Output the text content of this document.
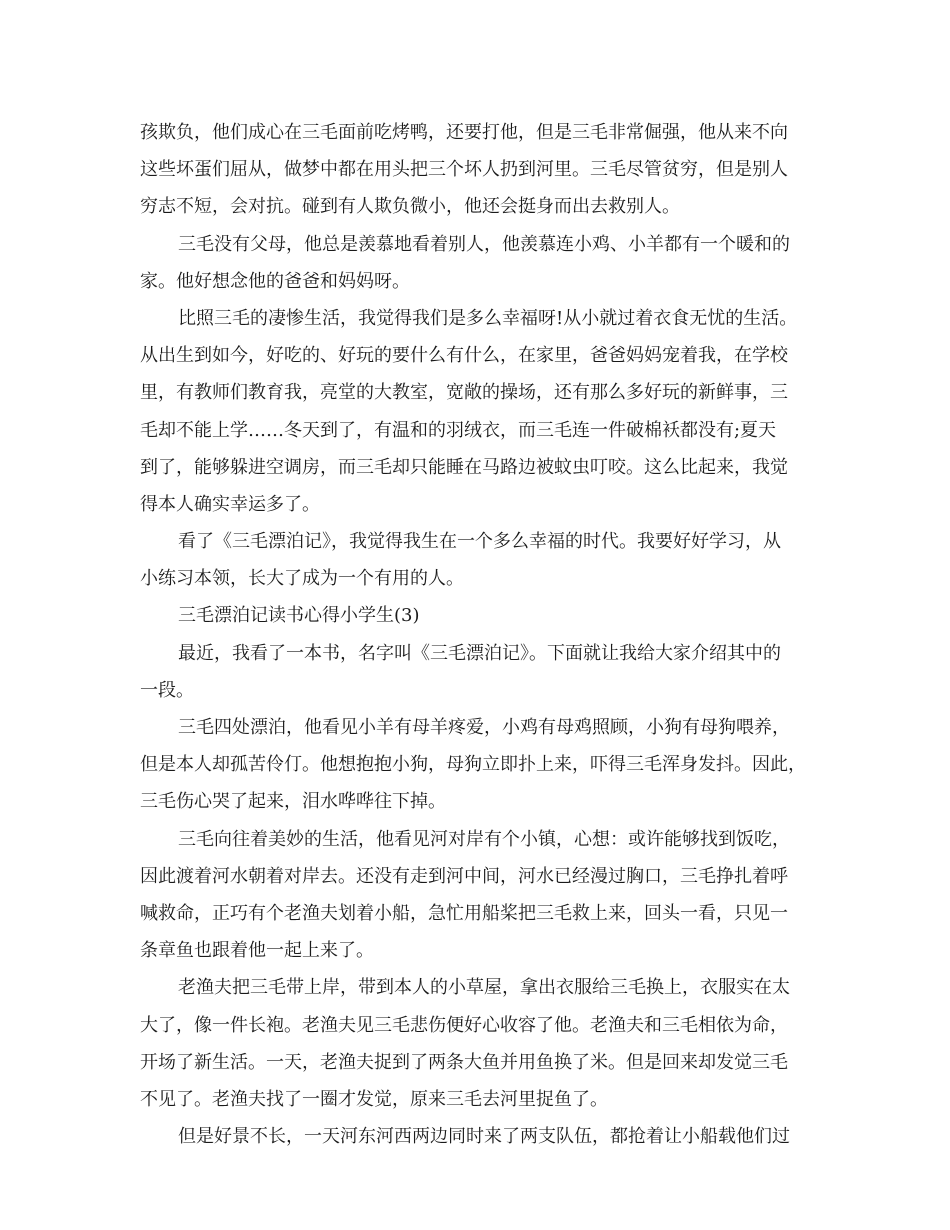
孩欺负，他们成心在三毛面前吃烤鸭，还要打他，但是三毛非常倔强，他从来不向
这些坏蛋们屈从，做梦中都在用头把三个坏人扔到河里。三毛尽管贫穷，但是别人
穷志不短，会对抗。碰到有人欺负微小，他还会挺身而出去救别人。
三毛没有父母，他总是羡慕地看着别人，他羡慕连小鸡、小羊都有一个暖和的
家。他好想念他的爸爸和妈妈呀。
比照三毛的凄惨生活，我觉得我们是多么幸福呀!从小就过着衣食无忧的生活。
从出生到如今，好吃的、好玩的要什么有什么，在家里，爸爸妈妈宠着我，在学校
里，有教师们教育我，亮堂的大教室，宽敞的操场，还有那么多好玩的新鲜事，三
毛却不能上学……冬天到了，有温和的羽绒衣，而三毛连一件破棉袄都没有;夏天
到了，能够躲进空调房，而三毛却只能睡在马路边被蚊虫叮咬。这么比起来，我觉
得本人确实幸运多了。
看了《三毛漂泊记》，我觉得我生在一个多么幸福的时代。我要好好学习，从
小练习本领，长大了成为一个有用的人。
三毛漂泊记读书心得小学生(3)
最近，我看了一本书，名字叫《三毛漂泊记》。下面就让我给大家介绍其中的
一段。
三毛四处漂泊，他看见小羊有母羊疼爱，小鸡有母鸡照顾，小狗有母狗喂养，
但是本人却孤苦伶仃。他想抱抱小狗，母狗立即扑上来，吓得三毛浑身发抖。因此，
三毛伤心哭了起来，泪水哗哗往下掉。
三毛向往着美妙的生活，他看见河对岸有个小镇，心想：或许能够找到饭吃，
因此渡着河水朝着对岸去。还没有走到河中间，河水已经漫过胸口，三毛挣扎着呼
喊救命，正巧有个老渔夫划着小船，急忙用船桨把三毛救上来，回头一看，只见一
条章鱼也跟着他一起上来了。
老渔夫把三毛带上岸，带到本人的小草屋，拿出衣服给三毛换上，衣服实在太
大了，像一件长袍。老渔夫见三毛悲伤便好心收容了他。老渔夫和三毛相依为命，
开场了新生活。一天，老渔夫捉到了两条大鱼并用鱼换了米。但是回来却发觉三毛
不见了。老渔夫找了一圈才发觉，原来三毛去河里捉鱼了。
但是好景不长，一天河东河西两边同时来了两支队伍，都抢着让小船载他们过
